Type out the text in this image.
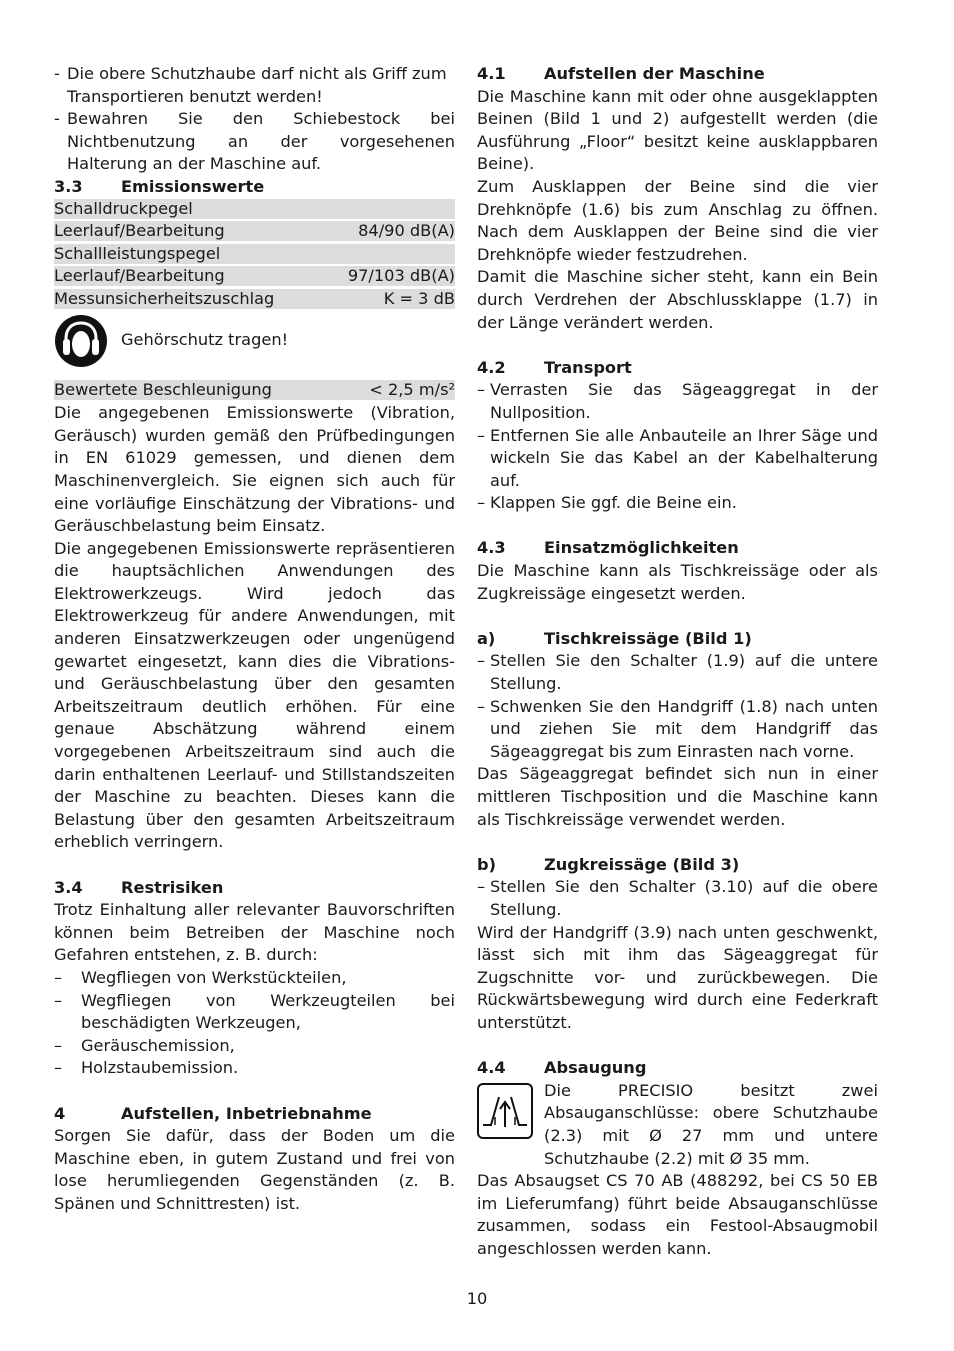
- Die obere Schutzhaube darf nicht als Griff zum Transportieren benutzt werden!
- Bewahren Sie den Schiebestock bei Nichtbenutzung an der vorgesehenen Halterung an der Maschine auf.
3.3	Emissionswerte
Schalldruckpegel
Leerlauf/Bearbeitung	84/90 dB(A)
Schallleistungspegel
Leerlauf/Bearbeitung	97/103 dB(A)
Messunsicherheitszuschlag	K = 3 dB
Gehörschutz tragen!
Bewertete Beschleunigung	< 2,5 m/s²

Die angegebenen Emissionswerte (Vibration, Geräusch) wurden gemäß den Prüfbedingungen in EN 61029 gemessen, und dienen dem Maschinenvergleich. Sie eignen sich auch für eine vorläufige Einschätzung der Vibrations- und Geräuschbelastung beim Einsatz.

Die angegebenen Emissionswerte repräsentieren die hauptsächlichen Anwendungen des Elektrowerkzeugs. Wird jedoch das Elektrowerkzeug für andere Anwendungen, mit anderen Einsatzwerkzeugen oder ungenügend gewartet eingesetzt, kann dies die Vibrations- und Geräuschbelastung über den gesamten Arbeitszeitraum deutlich erhöhen. Für eine genaue Abschätzung während einem vorgegebenen Arbeitszeitraum sind auch die darin enthaltenen Leerlauf- und Stillstandszeiten der Maschine zu beachten. Dieses kann die Belastung über den gesamten Arbeitszeitraum erheblich verringern.

3.4	Restrisiken

Trotz Einhaltung aller relevanter Bauvorschriften können beim Betreiben der Maschine noch Gefahren entstehen, z. B. durch:

–	Wegfliegen von Werkstückteilen,
–	Wegfliegen von Werkzeugteilen bei beschädigten Werkzeugen,
–	Geräuschemission,
–	Holzstaubemission.
4	Aufstellen, Inbetriebnahme

Sorgen Sie dafür, dass der Boden um die Maschine eben, in gutem Zustand und frei von lose herumliegenden Gegenständen (z. B. Spänen und Schnittresten) ist.

4.1	Aufstellen der Maschine

Die Maschine kann mit oder ohne ausgeklappten Beinen (Bild 1 und 2) aufgestellt werden (die Ausführung „Floor“ besitzt keine ausklappbaren Beine).

Zum Ausklappen der Beine sind die vier Drehknöpfe (1.6) bis zum Anschlag zu öffnen. Nach dem Ausklappen der Beine sind die vier Drehknöpfe wieder festzudrehen.

Damit die Maschine sicher steht, kann ein Bein durch Verdrehen der Abschlussklappe (1.7) in der Länge verändert werden.

4.2	Transport
– Verrasten Sie das Sägeaggregat in der Nullposition.
– Entfernen Sie alle Anbauteile an Ihrer Säge und wickeln Sie das Kabel an der Kabelhalterung auf.
– Klappen Sie ggf. die Beine ein.
4.3	Einsatzmöglichkeiten

Die Maschine kann als Tischkreissäge oder als Zugkreissäge eingesetzt werden.

a)	Tischkreissäge (Bild 1)
– Stellen Sie den Schalter (1.9) auf die untere Stellung.
– Schwenken Sie den Handgriff (1.8) nach unten und ziehen Sie mit dem Handgriff das Sägeaggregat bis zum Einrasten nach vorne.

Das Sägeaggregat befindet sich nun in einer mittleren Tischposition und die Maschine kann als Tischkreissäge verwendet werden.

b)	Zugkreissäge (Bild 3)
– Stellen Sie den Schalter (3.10) auf die obere Stellung.

Wird der Handgriff (3.9) nach unten geschwenkt, lässt sich mit ihm das Sägeaggregat für Zugschnitte vor- und zurückbewegen. Die Rückwärtsbewegung wird durch eine Federkraft unterstützt.

4.4	Absaugung
Die PRECISIO besitzt zwei Absauganschlüsse: obere Schutzhaube (2.3) mit Ø 27 mm und untere Schutzhaube (2.2) mit Ø 35 mm.

Das Absaugset CS 70 AB (488292, bei CS 50 EB im Lieferumfang) führt beide Absauganschlüsse zusammen, sodass ein Festool-Absaugmobil angeschlossen werden kann.

10
